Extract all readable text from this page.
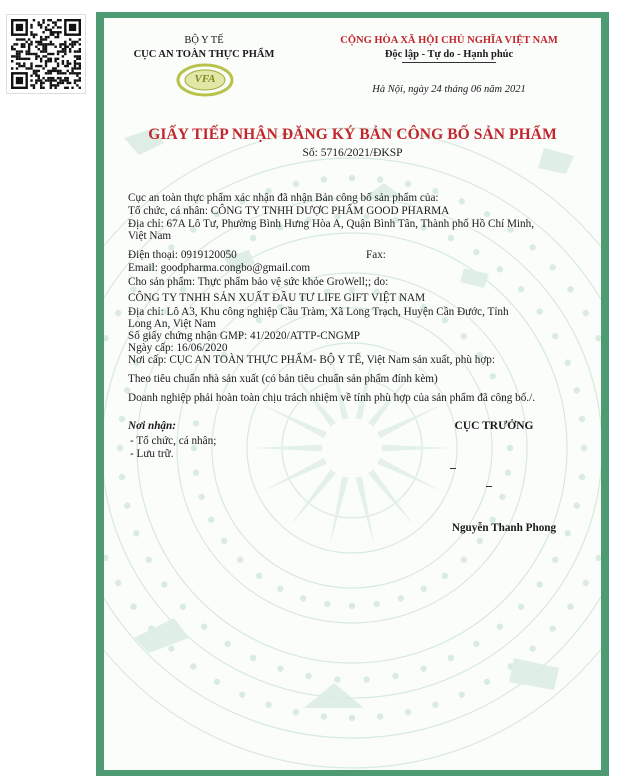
BỘ Y TẾ
CỤC AN TOÀN THỰC PHẨM
VFA
CỘNG HÒA XÃ HỘI CHỦ NGHĨA VIỆT NAM
Độc lập - Tự do - Hạnh phúc
Hà Nội, ngày 24 tháng 06 năm 2021
GIẤY TIẾP NHẬN ĐĂNG KÝ BẢN CÔNG BỐ SẢN PHẨM
Số: 5716/2021/ĐKSP
Cục an toàn thực phẩm xác nhận đã nhận Bản công bố sản phẩm của:
Tổ chức, cá nhân: CÔNG TY TNHH DƯỢC PHẨM GOOD PHARMA
Địa chỉ: 67A Lô Tư, Phường Bình Hưng Hòa A, Quận Bình Tân, Thành phố Hồ Chí Minh,
Việt Nam
Điện thoại: 0919120050	Fax:
Email: goodpharma.congbo@gmail.com
Cho sản phẩm: Thực phẩm bảo vệ sức khỏe GroWell;; do:
CÔNG TY TNHH SẢN XUẤT ĐẦU TƯ LIFE GIFT VIỆT NAM
Địa chỉ: Lô A3, Khu công nghiệp Cầu Tràm, Xã Long Trạch, Huyện Cần Đước, Tỉnh
Long An, Việt Nam
Số giấy chứng nhận GMP: 41/2020/ATTP-CNGMP
Ngày cấp: 16/06/2020
Nơi cấp: CỤC AN TOÀN THỰC PHẨM- BỘ Y TẾ, Việt Nam sản xuất, phù hợp:
Theo tiêu chuẩn nhà sản xuất (có bản tiêu chuẩn sản phẩm đính kèm)
Doanh nghiệp phải hoàn toàn chịu trách nhiệm về tính phù hợp của sản phẩm đã công bố./.
Nơi nhận:
- Tổ chức, cá nhân;
- Lưu trữ.
CỤC TRƯỞNG
Nguyễn Thanh Phong
